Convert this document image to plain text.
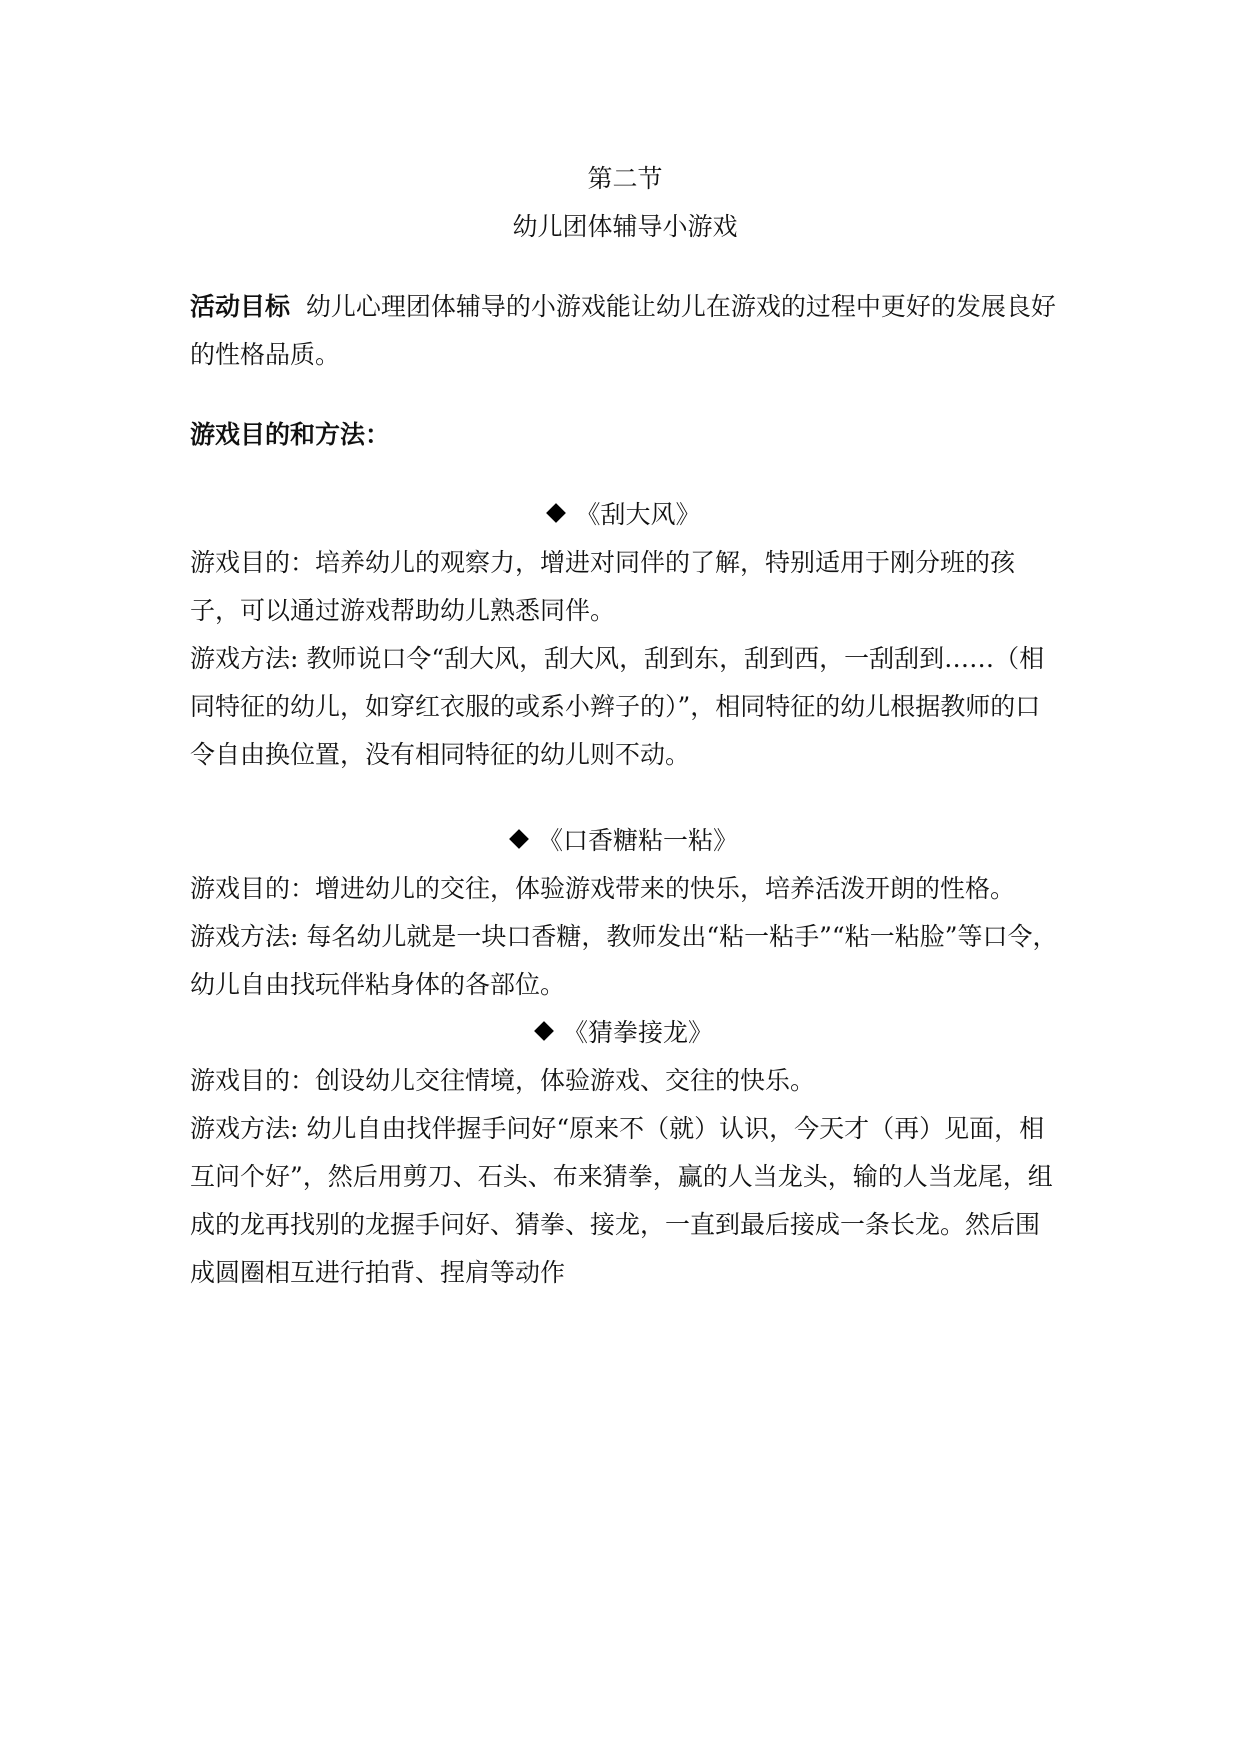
第二节

幼儿团体辅导小游戏

活动目标 幼儿心理团体辅导的小游戏能让幼儿在游戏的过程中更好的发展良好的性格品质。

游戏目的和方法：

《刮大风》

游戏目的：培养幼儿的观察力，增进对同伴的了解，特别适用于刚分班的孩子，可以通过游戏帮助幼儿熟悉同伴。

游戏方法: 教师说口令“刮大风，刮大风，刮到东，刮到西，一刮刮到……（相同特征的幼儿，如穿红衣服的或系小辫子的）”，相同特征的幼儿根据教师的口令自由换位置，没有相同特征的幼儿则不动。

《口香糖粘一粘》

游戏目的：增进幼儿的交往，体验游戏带来的快乐，培养活泼开朗的性格。

游戏方法: 每名幼儿就是一块口香糖，教师发出“粘一粘手”“粘一粘脸”等口令，幼儿自由找玩伴粘身体的各部位。

《猜拳接龙》

游戏目的：创设幼儿交往情境，体验游戏、交往的快乐。

游戏方法: 幼儿自由找伴握手问好“原来不（就）认识，今天才（再）见面，相互问个好”，然后用剪刀、石头、布来猜拳，赢的人当龙头，输的人当龙尾，组成的龙再找别的龙握手问好、猜拳、接龙，一直到最后接成一条长龙。然后围成圆圈相互进行拍背、捏肩等动作
